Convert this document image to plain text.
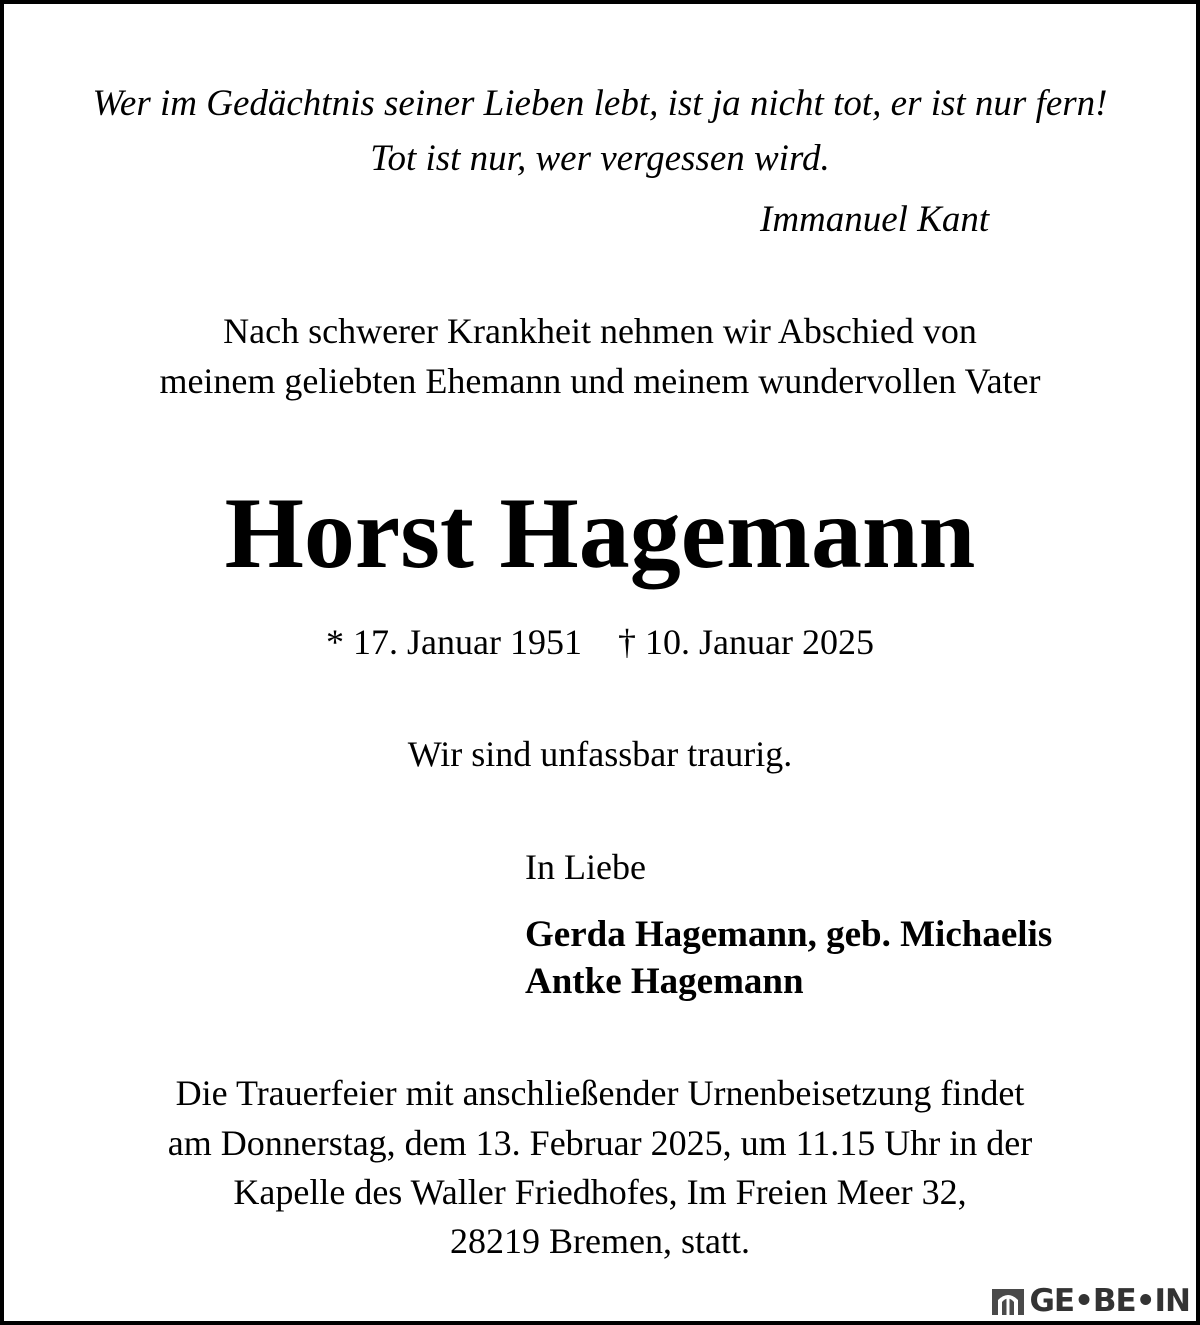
Wer im Gedächtnis seiner Lieben lebt, ist ja nicht tot, er ist nur fern!
Tot ist nur, wer vergessen wird.
Immanuel Kant
Nach schwerer Krankheit nehmen wir Abschied von
meinem geliebten Ehemann und meinem wundervollen Vater
Horst Hagemann
* 17. Januar 1951    † 10. Januar 2025
Wir sind unfassbar traurig.
In Liebe
Gerda Hagemann, geb. Michaelis
Antke Hagemann
Die Trauerfeier mit anschließender Urnenbeisetzung findet
am Donnerstag, dem 13. Februar 2025, um 11.15 Uhr in der
Kapelle des Waller Friedhofes, Im Freien Meer 32,
28219 Bremen, statt.
GE•BE•IN
